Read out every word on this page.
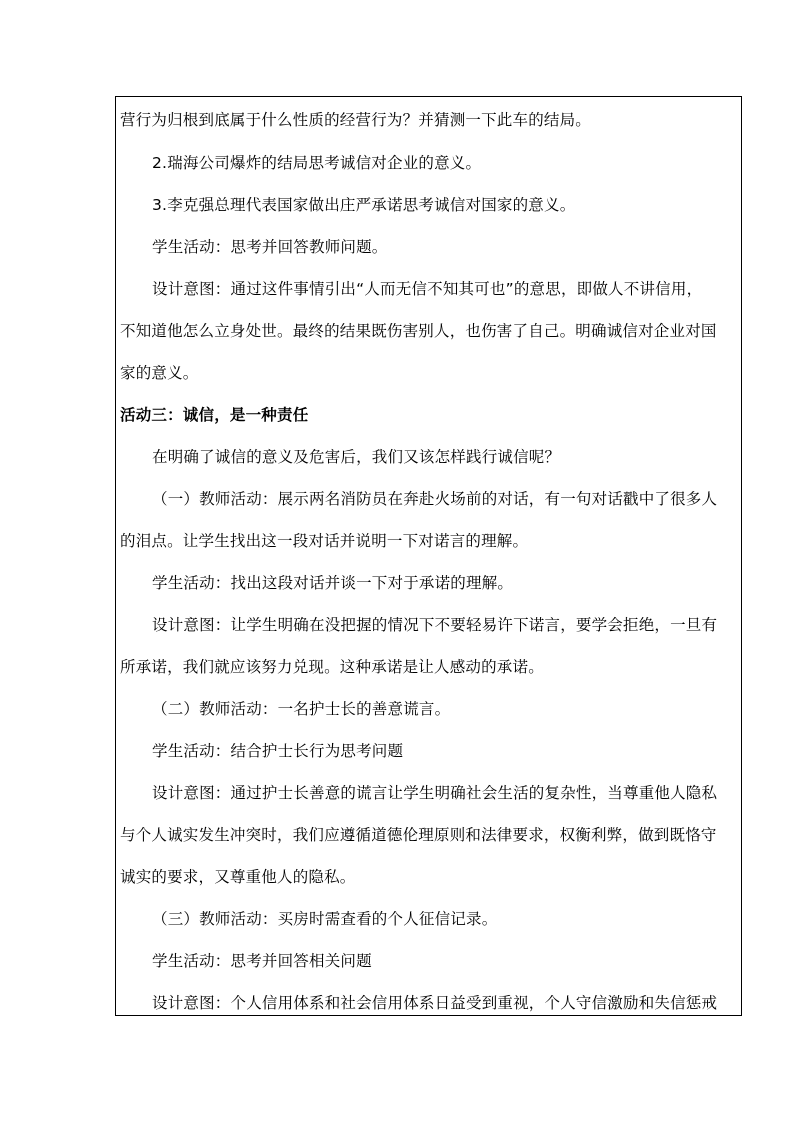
营行为归根到底属于什么性质的经营行为？并猜测一下此车的结局。
2.瑞海公司爆炸的结局思考诚信对企业的意义。
3.李克强总理代表国家做出庄严承诺思考诚信对国家的意义。
学生活动：思考并回答教师问题。
设计意图：通过这件事情引出“人而无信不知其可也”的意思，即做人不讲信用，
不知道他怎么立身处世。最终的结果既伤害别人，也伤害了自己。明确诚信对企业对国
家的意义。
活动三：诚信，是一种责任
在明确了诚信的意义及危害后，我们又该怎样践行诚信呢？
（一）教师活动：展示两名消防员在奔赴火场前的对话，有一句对话戳中了很多人
的泪点。让学生找出这一段对话并说明一下对诺言的理解。
学生活动：找出这段对话并谈一下对于承诺的理解。
设计意图：让学生明确在没把握的情况下不要轻易许下诺言，要学会拒绝，一旦有
所承诺，我们就应该努力兑现。这种承诺是让人感动的承诺。
（二）教师活动：一名护士长的善意谎言。
学生活动：结合护士长行为思考问题
设计意图：通过护士长善意的谎言让学生明确社会生活的复杂性，当尊重他人隐私
与个人诚实发生冲突时，我们应遵循道德伦理原则和法律要求，权衡利弊，做到既恪守
诚实的要求，又尊重他人的隐私。
（三）教师活动：买房时需查看的个人征信记录。
学生活动：思考并回答相关问题
设计意图：个人信用体系和社会信用体系日益受到重视，个人守信激励和失信惩戒
